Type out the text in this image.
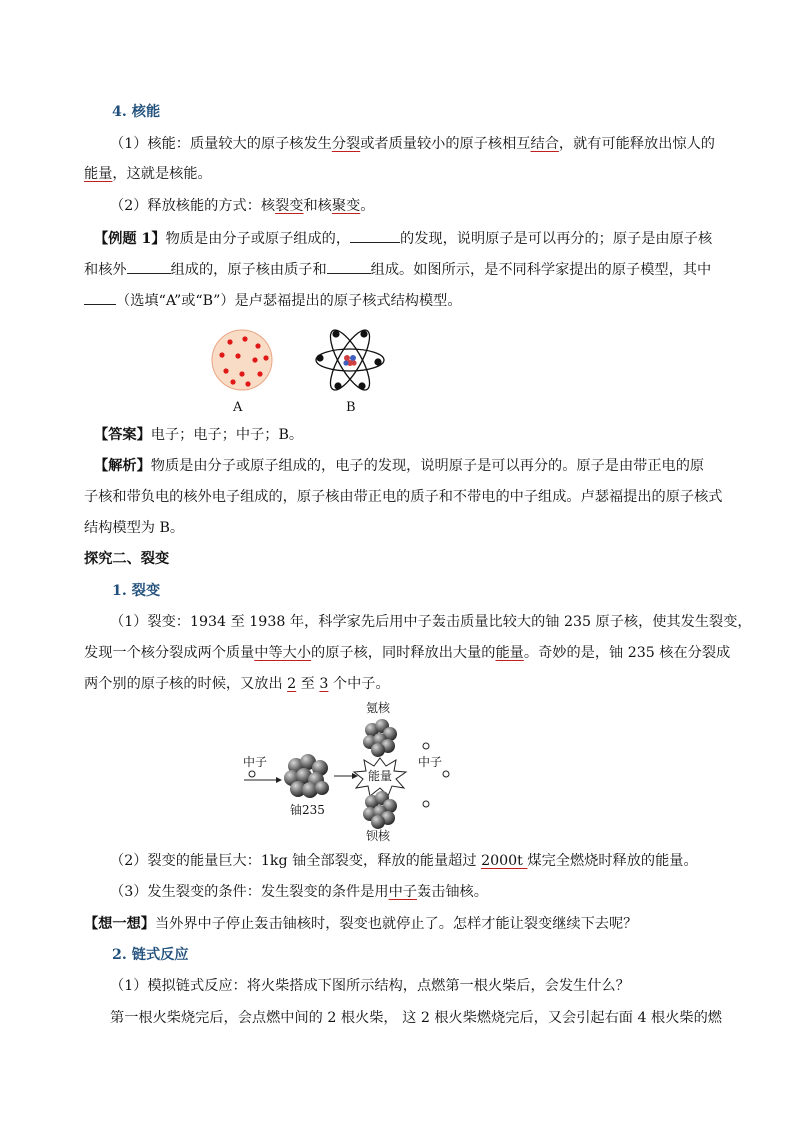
4. 核能
（1）核能：质量较大的原子核发生分裂或者质量较小的原子核相互结合，就有可能释放出惊人的
能量，这就是核能。
（2）释放核能的方式：核裂变和核聚变。
【例题 1】物质是由分子或原子组成的，	的发现，说明原子是可以再分的；原子是由原子核
和核外	组成的，原子核由质子和	组成。如图所示，是不同科学家提出的原子模型，其中
（选填“A”或“B”）是卢瑟福提出的原子核式结构模型。
A	B
【答案】电子；电子；中子；B。
【解析】物质是由分子或原子组成的，电子的发现，说明原子是可以再分的。原子是由带正电的原
子核和带负电的核外电子组成的，原子核由带正电的质子和不带电的中子组成。卢瑟福提出的原子核式
结构模型为 B。
探究二、裂变
1. 裂变
（1）裂变：1934 至 1938 年，科学家先后用中子轰击质量比较大的铀 235 原子核，使其发生裂变，
发现一个核分裂成两个质量中等大小的原子核，同时释放出大量的能量。奇妙的是，铀 235 核在分裂成
两个别的原子核的时候，又放出 2 至 3 个中子。
氪核
中子
铀235
能量
中子
钡核
（2）裂变的能量巨大：1kg 铀全部裂变，释放的能量超过 2000t 煤完全燃烧时释放的能量。
（3）发生裂变的条件：发生裂变的条件是用中子轰击铀核。
【想一想】当外界中子停止轰击铀核时，裂变也就停止了。怎样才能让裂变继续下去呢？
2. 链式反应
（1）模拟链式反应：将火柴搭成下图所示结构，点燃第一根火柴后，会发生什么？
第一根火柴烧完后，会点燃中间的 2 根火柴， 这 2 根火柴燃烧完后，又会引起右面 4 根火柴的燃
